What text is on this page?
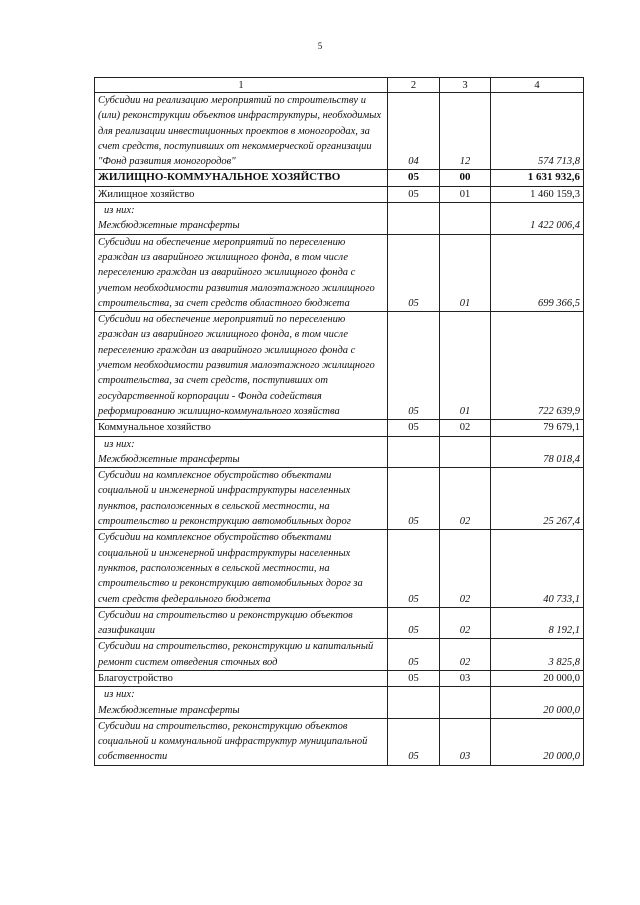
5
1	2	3	4
Субсидии на реализацию мероприятий по строительству и (или) реконструкции объектов инфраструктуры, необходимых для реализации инвестиционных проектов в моногородах, за счет средств, поступивших от некоммерческой организации "Фонд развития моногородов"	04	12	574 713,8
ЖИЛИЩНО-КОММУНАЛЬНОЕ ХОЗЯЙСТВО	05	00	1 631 932,6
Жилищное хозяйство	05	01	1 460 159,3

из них:
Межбюджетные трансферты			1 422 006,4
Субсидии на обеспечение мероприятий по переселению граждан из аварийного жилищного фонда, в том числе переселению граждан из аварийного жилищного фонда с учетом необходимости развития малоэтажного жилищного строительства, за счет средств областного бюджета	05	01	699 366,5
Субсидии на обеспечение мероприятий по переселению граждан из аварийного жилищного фонда, в том числе переселению граждан из аварийного жилищного фонда с учетом необходимости развития малоэтажного жилищного строительства, за счет средств, поступивших от государственной корпорации - Фонда содействия реформированию жилищно-коммунального хозяйства	05	01	722 639,9
Коммунальное хозяйство	05	02	79 679,1

из них:
Межбюджетные трансферты			78 018,4
Субсидии на комплексное обустройство объектами социальной и инженерной инфраструктуры населенных пунктов, расположенных в сельской местности, на строительство и реконструкцию автомобильных дорог	05	02	25 267,4
Субсидии на комплексное обустройство объектами социальной и инженерной инфраструктуры населенных пунктов, расположенных в сельской местности, на строительство и реконструкцию автомобильных дорог за счет средств федерального бюджета	05	02	40 733,1
Субсидии на строительство и реконструкцию объектов газификации	05	02	8 192,1
Субсидии на строительство, реконструкцию и капитальный ремонт систем отведения сточных вод	05	02	3 825,8
Благоустройство	05	03	20 000,0

из них:
Межбюджетные трансферты			20 000,0
Субсидии на строительство, реконструкцию объектов социальной и коммунальной инфраструктур муниципальной собственности	05	03	20 000,0
